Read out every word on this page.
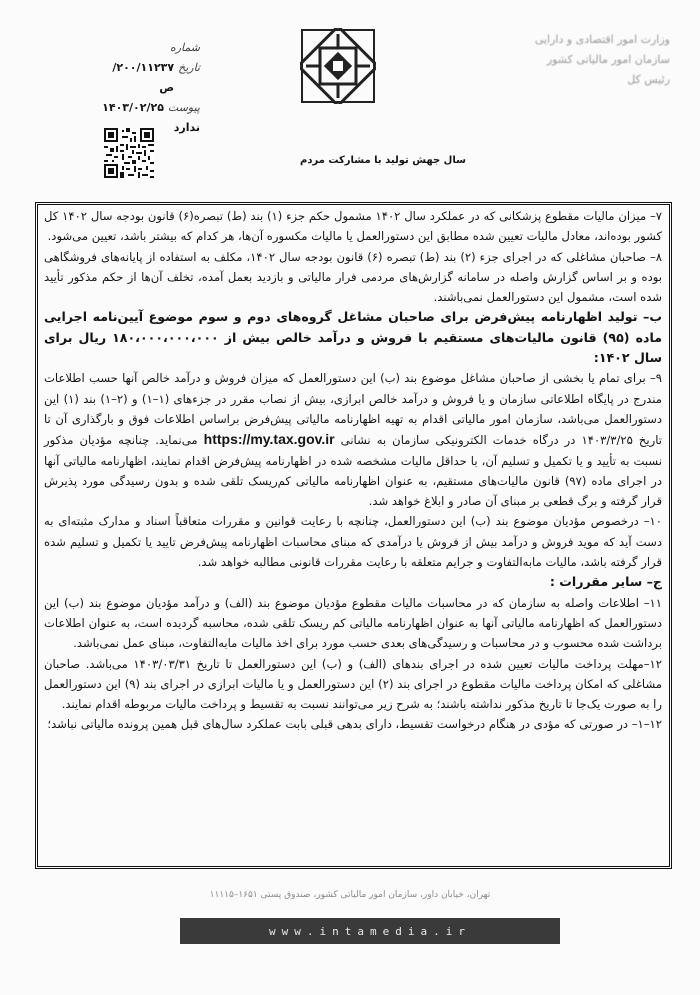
وزارت امور اقتصادی و دارایی
سازمان امور مالیاتی کشور
رئیس کل
شماره
تاریخ
۲۰۰/۱۱۲۳۷/ص
پیوست
۱۴۰۳/۰۲/۲۵
ندارد
سال جهش تولید با مشارکت مردم

۷– میزان مالیات مقطوع پزشکانی که در عملکرد سال ۱۴۰۲ مشمول حکم جزء (۱) بند (ط) تبصره(۶) قانون بودجه سال ۱۴۰۲ کل کشور بوده‌اند، معادل مالیات تعیین شده مطابق این دستورالعمل یا مالیات مکسوره آن‌ها، هر کدام که بیشتر باشد، تعیین می‌شود.

۸– صاحبان مشاغلی که در اجرای جزء (۲) بند (ط) تبصره (۶) قانون بودجه سال ۱۴۰۲، مکلف به استفاده از پایانه‌های فروشگاهی بوده و بر اساس گزارش واصله در سامانه گزارش‌های مردمی فرار مالیاتی و بازدید بعمل آمده، تخلف آن‌ها از حکم مذکور تأیید شده است، مشمول این دستورالعمل نمی‌باشند.

ب– تولید اظهارنامه پیش‌فرض برای صاحبان مشاغل گروه‌های دوم و سوم موضوع آیین‌نامه اجرایی ماده (۹۵) قانون مالیات‌های مستقیم با فروش و درآمد خالص بیش از ۱۸۰،۰۰۰،۰۰۰،۰۰۰ ریال برای سال ۱۴۰۲:

۹– برای تمام یا بخشی از صاحبان مشاغل موضوع بند (ب) این دستورالعمل که میزان فروش و درآمد خالص آنها حسب اطلاعات مندرج در پایگاه اطلاعاتی سازمان و یا فروش و درآمد خالص ابرازی، بیش از نصاب مقرر در جزءهای (۱–۱) و (۲–۱) بند (۱) این دستورالعمل می‌باشد، سازمان امور مالیاتی اقدام به تهیه اظهارنامه مالیاتی پیش‌فرض براساس اطلاعات فوق و بارگذاری آن تا تاریخ ۱۴۰۳/۳/۲۵ در درگاه خدمات الکترونیکی سازمان به نشانی https://my.tax.gov.ir می‌نماید. چنانچه مؤدیان مذکور نسبت به تأیید و یا تکمیل و تسلیم آن، با حداقل مالیات مشخصه شده در اظهارنامه پیش‌فرض اقدام نمایند، اظهارنامه مالیاتی آنها در اجرای ماده (۹۷) قانون مالیات‌های مستقیم، به عنوان اظهارنامه مالیاتی کم‌ریسک تلقی شده و بدون رسیدگی مورد پذیرش قرار گرفته و برگ قطعی بر مبنای آن صادر و ابلاغ خواهد شد.

۱۰– درخصوص مؤدیان موضوع بند (ب) این دستورالعمل، چنانچه با رعایت قوانین و مقررات متعاقباً اسناد و مدارک مثبته‌ای به دست آید که موید فروش و درآمد بیش از فروش یا درآمدی که مبنای محاسبات اظهارنامه پیش‌فرض تایید یا تکمیل و تسلیم شده قرار گرفته باشد، مالیات مابه‌التفاوت و جرایم متعلقه با رعایت مقررات قانونی مطالبه خواهد شد.

ج– سایر مقررات :

۱۱– اطلاعات واصله به سازمان که در محاسبات مالیات مقطوع مؤدیان موضوع بند (الف) و درآمد مؤدیان موضوع بند (ب) این دستورالعمل که اظهارنامه مالیاتی آنها به عنوان اظهارنامه مالیاتی کم ریسک تلقی شده، محاسبه گردیده است، به عنوان اطلاعات برداشت شده محسوب و در محاسبات و رسیدگی‌های بعدی حسب مورد برای اخذ مالیات مابه‌التفاوت، مبنای عمل نمی‌باشد.

۱۲–مهلت پرداخت مالیات تعیین شده در اجرای بندهای (الف) و (ب) این دستورالعمل تا تاریخ ۱۴۰۳/۰۳/۳۱ می‌باشد. صاحبان مشاغلی که امکان پرداخت مالیات مقطوع در اجرای بند (۲) این دستورالعمل و یا مالیات ابرازی در اجرای بند (۹) این دستورالعمل را به صورت یک‌جا تا تاریخ مذکور نداشته باشند؛ به شرح زیر می‌توانند نسبت به تقسیط و پرداخت مالیات مربوطه اقدام نمایند.

۱۲–۱– در صورتی که مؤدی در هنگام درخواست تقسیط، دارای بدهی قبلی بابت عملکرد سال‌های قبل همین پرونده مالیاتی نباشد؛

تهران، خیابان داور، سازمان امور مالیاتی کشور، صندوق پستی ۱۶۵۱–۱۱۱۱۵
www.intamedia.ir
